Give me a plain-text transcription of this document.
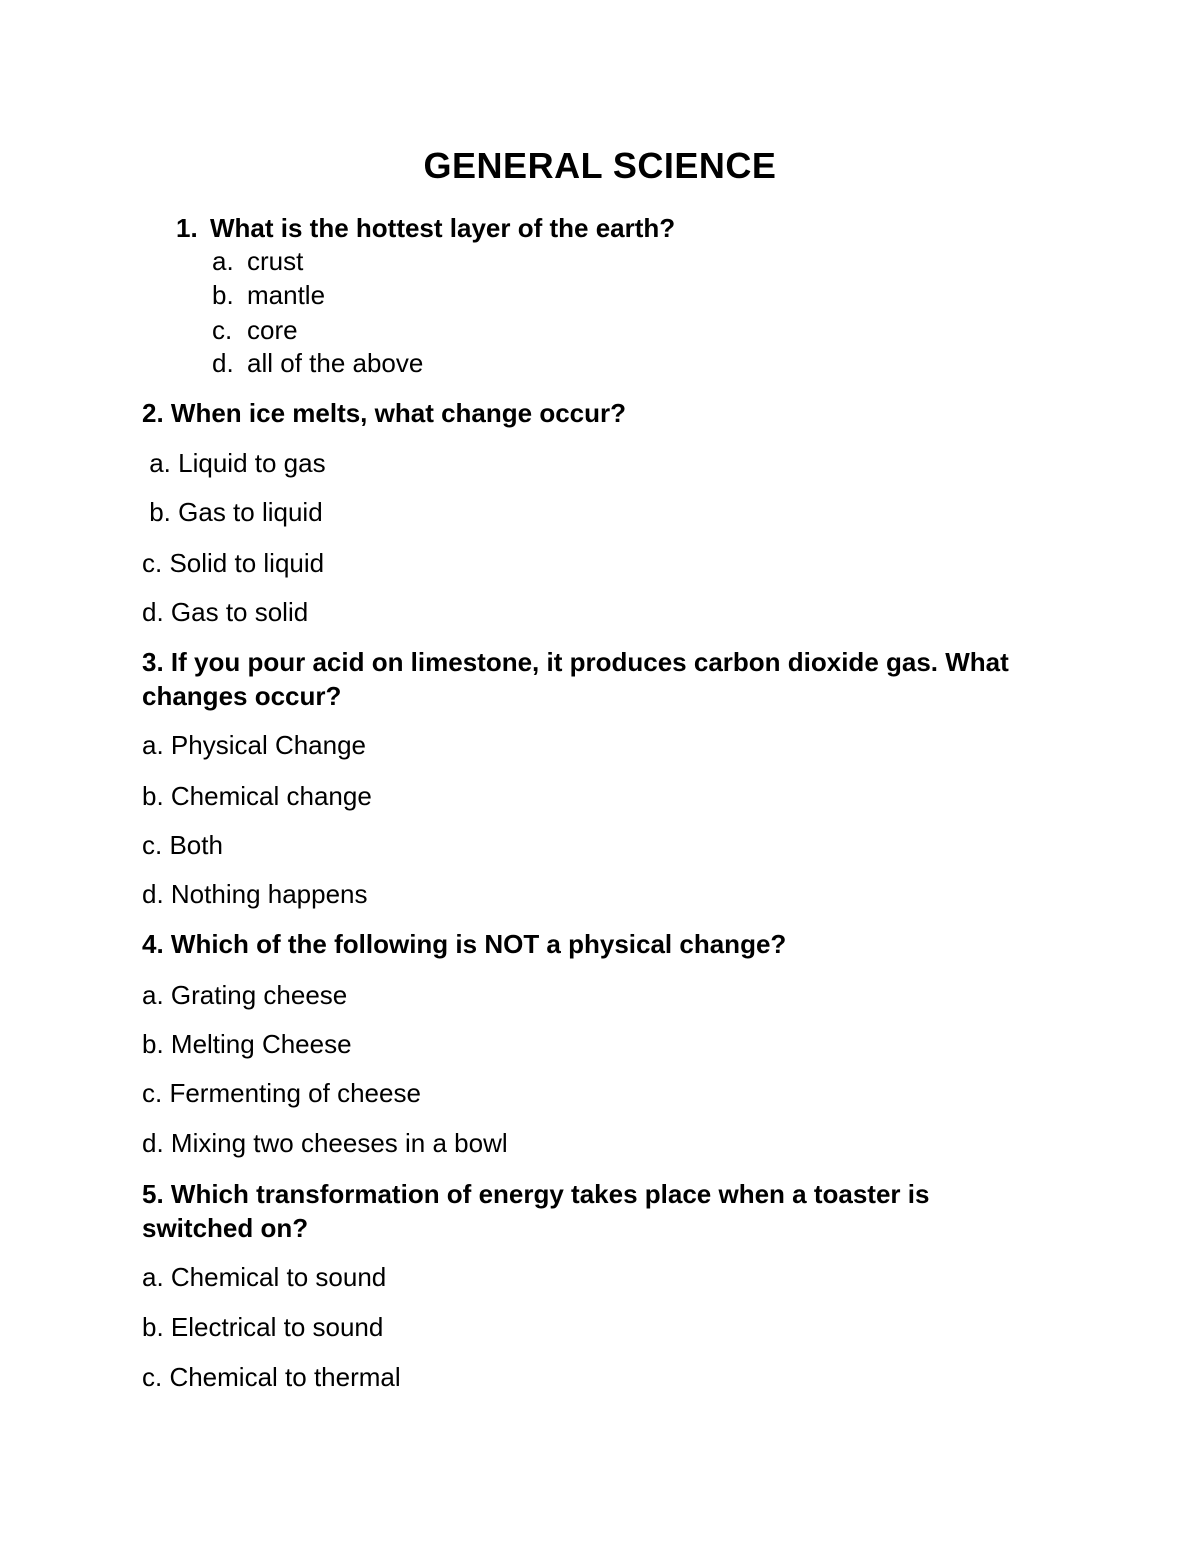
GENERAL SCIENCE
1. What is the hottest layer of the earth?
a. crust
b. mantle
c. core
d. all of the above
2. When ice melts, what change occur?
a. Liquid to gas
b. Gas to liquid
c. Solid to liquid
d. Gas to solid
3. If you pour acid on limestone, it produces carbon dioxide gas. What changes occur?
a. Physical Change
b. Chemical change
c. Both
d. Nothing happens
4. Which of the following is NOT a physical change?
a. Grating cheese
b. Melting Cheese
c. Fermenting of cheese
d. Mixing two cheeses in a bowl
5. Which transformation of energy takes place when a toaster is switched on?
a. Chemical to sound
b. Electrical to sound
c. Chemical to thermal
